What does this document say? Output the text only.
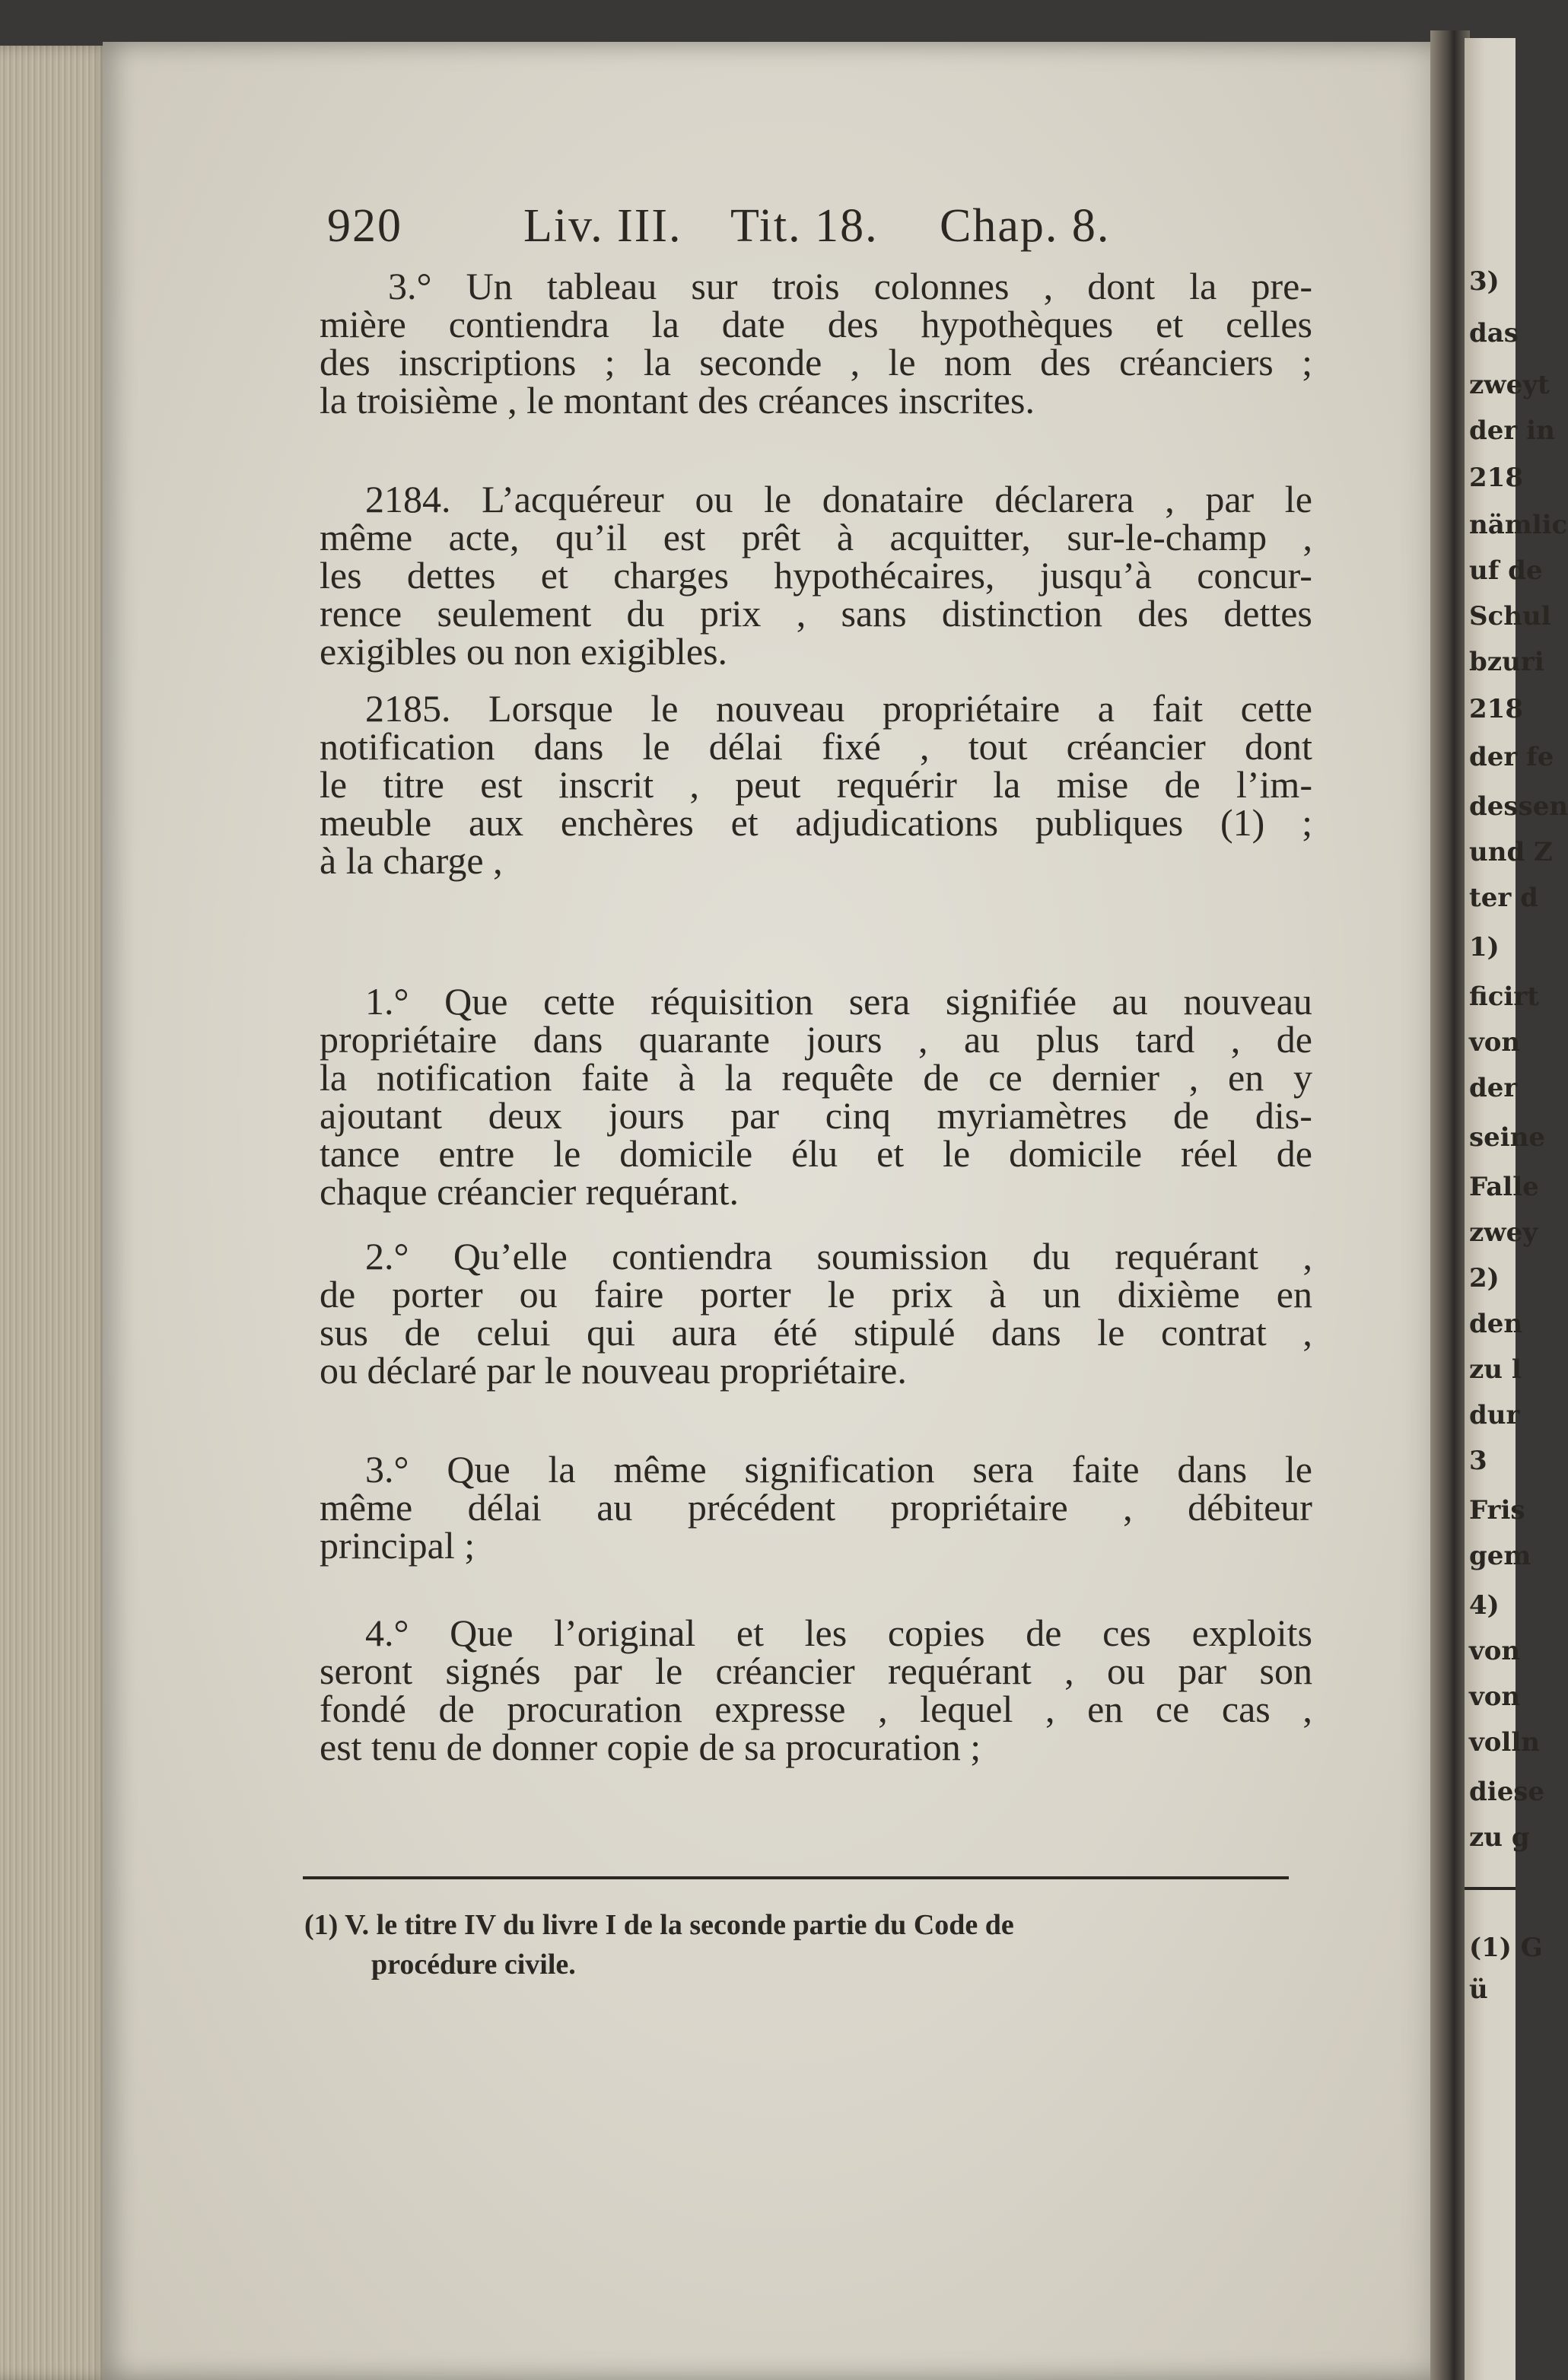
3)
das
zweyt
der in
218
nämlic
uf de
Schul
bzuri
218
der fe
dessen
und Z
ter d
1)
ficirt
von
der
seine
Falle
zwey
2)
den
zu l
dur
3
Fris
gem
4)
von
von
volln
diese
zu g
(1) G
ü
920	Liv. III. Tit. 18. Chap. 8.
3.° Un tableau sur trois colonnes , dont la pre-
mière contiendra la date des hypothèques et celles
des inscriptions ; la seconde , le nom des créanciers ;
la troisième , le montant des créances inscrites.
2184. L’acquéreur ou le donataire déclarera , par le
même acte, qu’il est prêt à acquitter, sur-le-champ ,
les dettes et charges hypothécaires, jusqu’à concur-
rence seulement du prix , sans distinction des dettes
exigibles ou non exigibles.
2185. Lorsque le nouveau propriétaire a fait cette
notification dans le délai fixé , tout créancier dont
le titre est inscrit , peut requérir la mise de l’im-
meuble aux enchères et adjudications publiques (1) ;
à la charge ,
1.° Que cette réquisition sera signifiée au nouveau
propriétaire dans quarante jours , au plus tard , de
la notification faite à la requête de ce dernier , en y
ajoutant deux jours par cinq myriamètres de dis-
tance entre le domicile élu et le domicile réel de
chaque créancier requérant.
2.° Qu’elle contiendra soumission du requérant ,
de porter ou faire porter le prix à un dixième en
sus de celui qui aura été stipulé dans le contrat ,
ou déclaré par le nouveau propriétaire.
3.° Que la même signification sera faite dans le
même délai au précédent propriétaire , débiteur
principal ;
4.° Que l’original et les copies de ces exploits
seront signés par le créancier requérant , ou par son
fondé de procuration expresse , lequel , en ce cas ,
est tenu de donner copie de sa procuration ;
(1) V. le titre IV du livre I de la seconde partie du Code de
procédure civile.
